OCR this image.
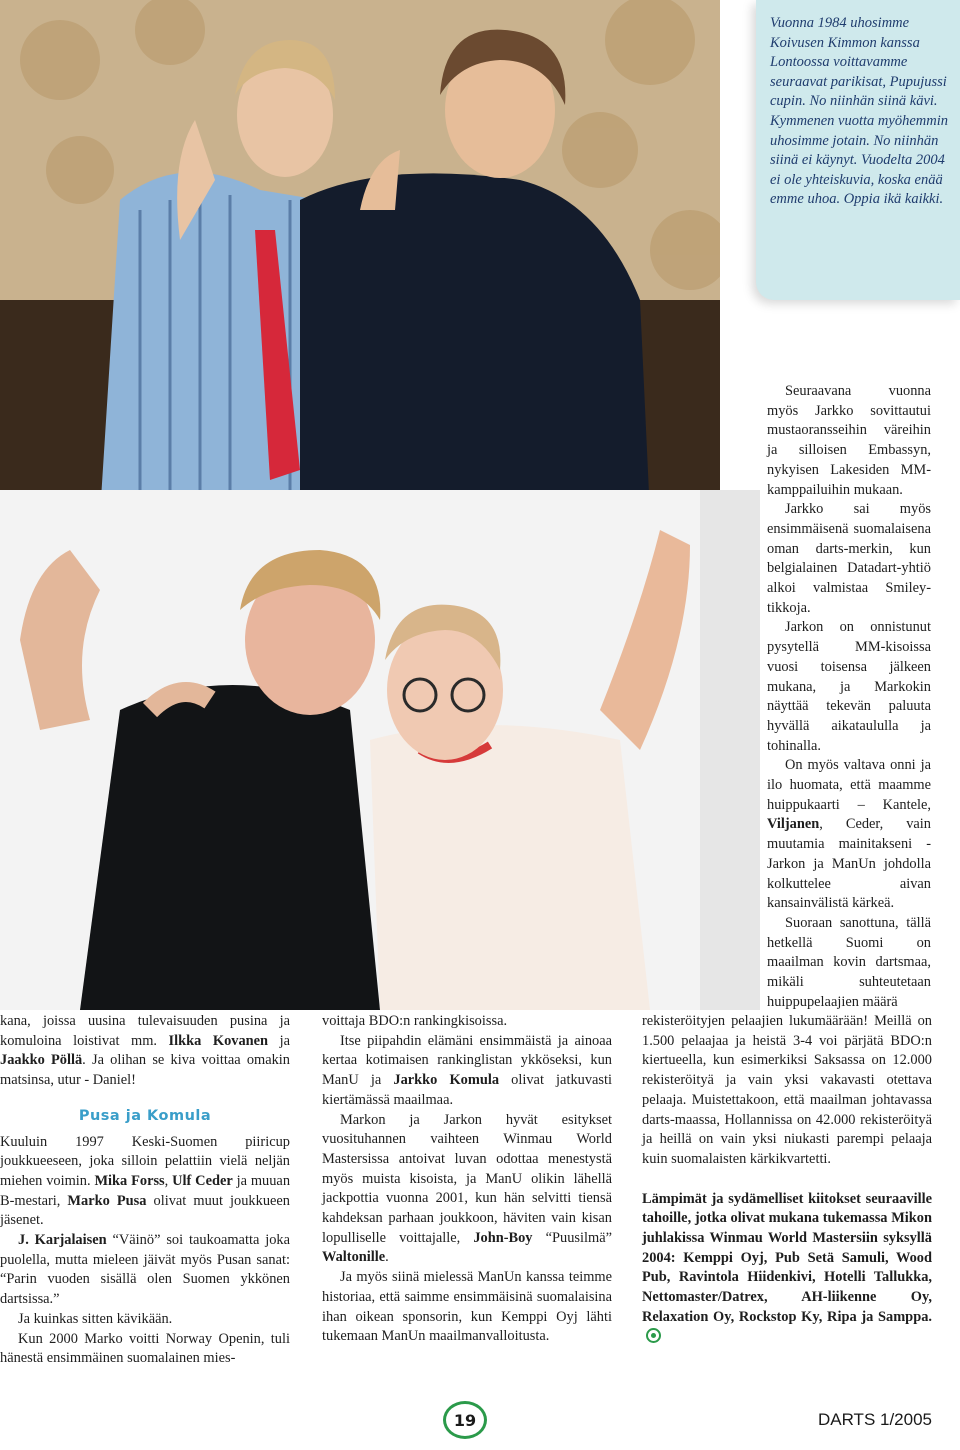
Vuonna 1984 uhosimme Koivusen Kimmon kanssa Lontoossa voittavamme seuraavat parikisat, Pupujussi cupin. No niinhän siinä kävi. Kymmenen vuotta myöhemmin uhosimme jotain. No niinhän siinä ei käynyt. Vuodelta 2004 ei ole yhteiskuvia, koska enää emme uhoa. Oppia ikä kaikki.

Seuraavana vuonna myös Jarkko sovittautui mustaoransseihin väreihin ja silloisen Embassyn, nykyisen Lakesiden MM-kamppailuihin mukaan.

Jarkko sai myös ensimmäisenä suomalaisena oman darts-merkin, kun belgialainen Datadart-yhtiö alkoi valmistaa Smiley-tikkoja.

Jarkon on onnistunut pysytellä MM-kisoissa vuosi toisensa jälkeen mukana, ja Markokin näyttää tekevän paluuta hyvällä aikataululla ja tohinalla.

On myös valtava onni ja ilo huomata, että maamme huippukaarti – Kantele, Viljanen, Ceder, vain muutamia mainitakseni - Jarkon ja ManUn johdolla kolkuttelee aivan kansainvälistä kärkeä.

Suoraan sanottuna, tällä hetkellä Suomi on maailman kovin dartsmaa, mikäli suhteutetaan huippupelaajien määrä

kana, joissa uusina tulevaisuuden pusina ja komuloina loistivat mm. Ilkka Kovanen ja Jaakko Pöllä. Ja olihan se kiva voittaa omakin matsinsa, utur - Daniel!

Pusa ja Komula

Kuuluin 1997 Keski-Suomen piiricup joukkueeseen, joka silloin pelattiin vielä neljän miehen voimin. Mika Forss, Ulf Ceder ja muuan B-mestari, Marko Pusa olivat muut joukkueen jäsenet.

J. Karjalaisen “Väinö” soi taukoamatta joka puolella, mutta mieleen jäivät myös Pusan sanat: “Parin vuoden sisällä olen Suomen ykkönen dartsissa.”

Ja kuinkas sitten kävikään.

Kun 2000 Marko voitti Norway Openin, tuli hänestä ensimmäinen suomalainen mies-

voittaja BDO:n rankingkisoissa.

Itse piipahdin elämäni ensimmäistä ja ainoaa kertaa kotimaisen rankinglistan ykköseksi, kun ManU ja Jarkko Komula olivat jatkuvasti kiertämässä maailmaa.

Markon ja Jarkon hyvät esitykset vuosituhannen vaihteen Winmau World Mastersissa antoivat luvan odottaa menestystä myös muista kisoista, ja ManU olikin lähellä jackpottia vuonna 2001, kun hän selvitti tiensä kahdeksan parhaan joukkoon, häviten vain kisan lopulliselle voittajalle, John-Boy “Puusilmä” Waltonille.

Ja myös siinä mielessä ManUn kanssa teimme historiaa, että saimme ensimmäisinä suomalaisina ihan oikean sponsorin, kun Kemppi Oyj lähti tukemaan ManUn maailmanvalloitusta.

rekisteröityjen pelaajien lukumäärään! Meillä on 1.500 pelaajaa ja heistä 3-4 voi pärjätä BDO:n kiertueella, kun esimerkiksi Saksassa on 12.000 rekisteröityä ja vain yksi vakavasti otettava pelaaja. Muistettakoon, että maailman johtavassa darts-maassa, Hollannissa on 42.000 rekisteröityä ja heillä on vain yksi niukasti parempi pelaaja kuin suomalaisten kärkikvartetti.

Lämpimät ja sydämelliset kiitokset seuraaville tahoille, jotka olivat mukana tukemassa Mikon juhlakissa Winmau World Mastersiin syksyllä 2004: Kemppi Oyj, Pub Setä Samuli, Wood Pub, Ravintola Hiidenkivi, Hotelli Tallukka, Nettomaster/Datrex, AH-liikenne Oy, Relaxation Oy, Rockstop Ky, Ripa ja Samppa.

19	DARTS 1/2005
